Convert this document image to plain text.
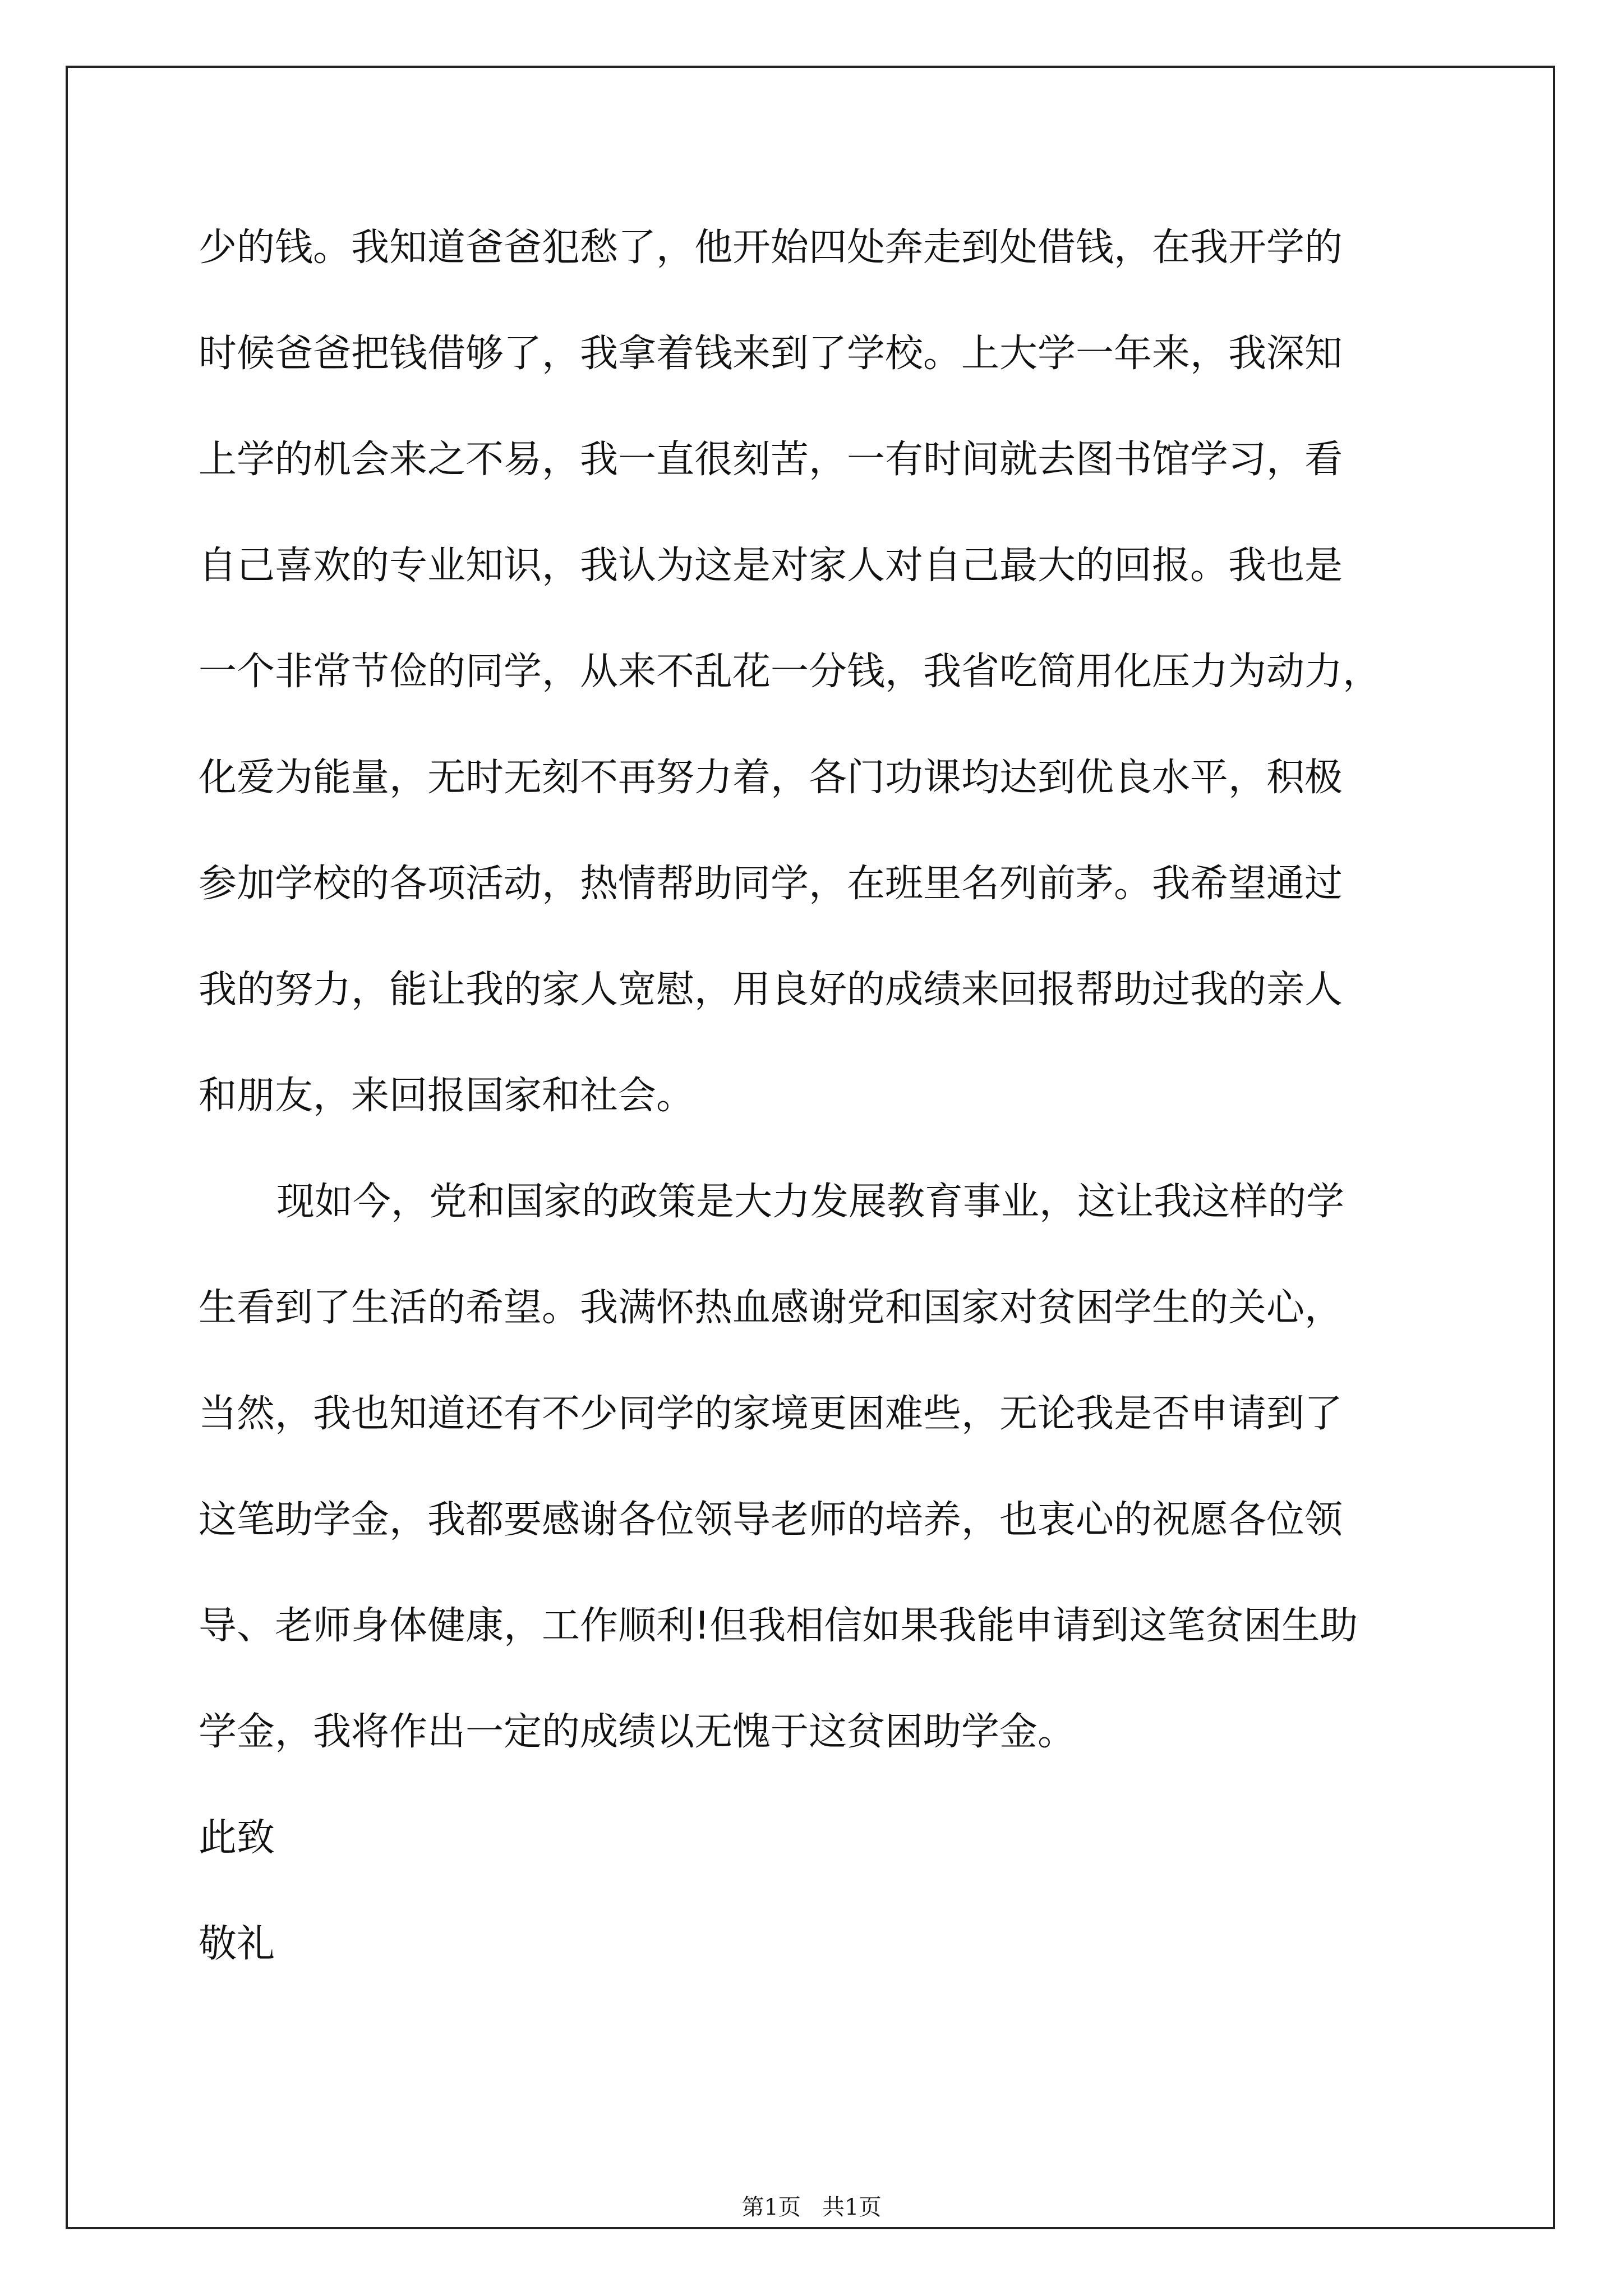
少的钱。我知道爸爸犯愁了，他开始四处奔走到处借钱，在我开学的
时候爸爸把钱借够了，我拿着钱来到了学校。上大学一年来，我深知
上学的机会来之不易，我一直很刻苦，一有时间就去图书馆学习，看
自己喜欢的专业知识，我认为这是对家人对自己最大的回报。我也是
一个非常节俭的同学，从来不乱花一分钱，我省吃简用化压力为动力，
化爱为能量，无时无刻不再努力着，各门功课均达到优良水平，积极
参加学校的各项活动，热情帮助同学，在班里名列前茅。我希望通过
我的努力，能让我的家人宽慰，用良好的成绩来回报帮助过我的亲人
和朋友，来回报国家和社会。
现如今，党和国家的政策是大力发展教育事业，这让我这样的学
生看到了生活的希望。我满怀热血感谢党和国家对贫困学生的关心，
当然，我也知道还有不少同学的家境更困难些，无论我是否申请到了
这笔助学金，我都要感谢各位领导老师的培养，也衷心的祝愿各位领
导、老师身体健康，工作顺利!但我相信如果我能申请到这笔贫困生助
学金，我将作出一定的成绩以无愧于这贫困助学金。
此致
敬礼
第1页   共1页
